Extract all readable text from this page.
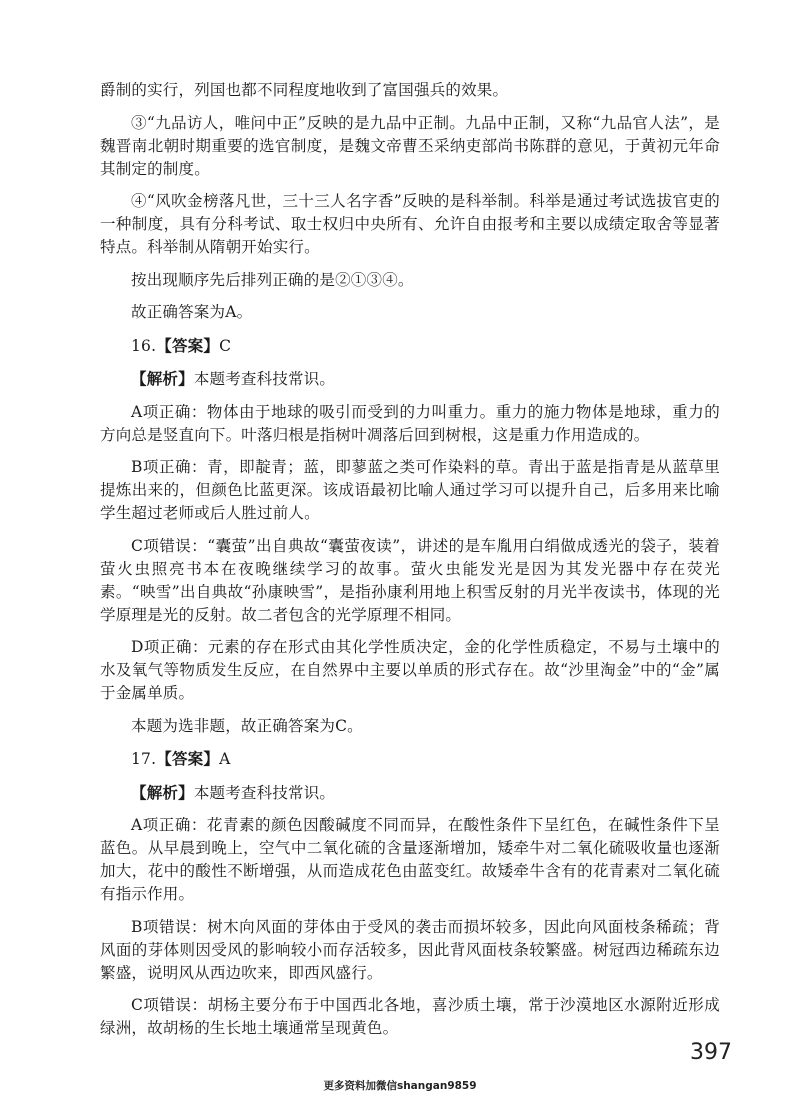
爵制的实行，列国也都不同程度地收到了富国强兵的效果。

③“九品访人，唯问中正”反映的是九品中正制。九品中正制，又称“九品官人法”，是魏晋南北朝时期重要的选官制度，是魏文帝曹丕采纳吏部尚书陈群的意见，于黄初元年命其制定的制度。

④“风吹金榜落凡世，三十三人名字香”反映的是科举制。科举是通过考试选拔官吏的一种制度，具有分科考试、取士权归中央所有、允许自由报考和主要以成绩定取舍等显著特点。科举制从隋朝开始实行。

按出现顺序先后排列正确的是②①③④。

故正确答案为A。

16.【答案】C

【解析】本题考查科技常识。

A项正确：物体由于地球的吸引而受到的力叫重力。重力的施力物体是地球，重力的方向总是竖直向下。叶落归根是指树叶凋落后回到树根，这是重力作用造成的。

B项正确：青，即靛青；蓝，即蓼蓝之类可作染料的草。青出于蓝是指青是从蓝草里提炼出来的，但颜色比蓝更深。该成语最初比喻人通过学习可以提升自己，后多用来比喻学生超过老师或后人胜过前人。

C项错误：“囊萤”出自典故“囊萤夜读”，讲述的是车胤用白绢做成透光的袋子，装着萤火虫照亮书本在夜晚继续学习的故事。萤火虫能发光是因为其发光器中存在荧光素。“映雪”出自典故“孙康映雪”，是指孙康利用地上积雪反射的月光半夜读书，体现的光学原理是光的反射。故二者包含的光学原理不相同。

D项正确：元素的存在形式由其化学性质决定，金的化学性质稳定，不易与土壤中的水及氧气等物质发生反应，在自然界中主要以单质的形式存在。故“沙里淘金”中的“金”属于金属单质。

本题为选非题，故正确答案为C。

17.【答案】A

【解析】本题考查科技常识。

A项正确：花青素的颜色因酸碱度不同而异，在酸性条件下呈红色，在碱性条件下呈蓝色。从早晨到晚上，空气中二氧化硫的含量逐渐增加，矮牵牛对二氧化硫吸收量也逐渐加大，花中的酸性不断增强，从而造成花色由蓝变红。故矮牵牛含有的花青素对二氧化硫有指示作用。

B项错误：树木向风面的芽体由于受风的袭击而损坏较多，因此向风面枝条稀疏；背风面的芽体则因受风的影响较小而存活较多，因此背风面枝条较繁盛。树冠西边稀疏东边繁盛，说明风从西边吹来，即西风盛行。

C项错误：胡杨主要分布于中国西北各地，喜沙质土壤，常于沙漠地区水源附近形成绿洲，故胡杨的生长地土壤通常呈现黄色。

397
更多资料加微信shangan9859
